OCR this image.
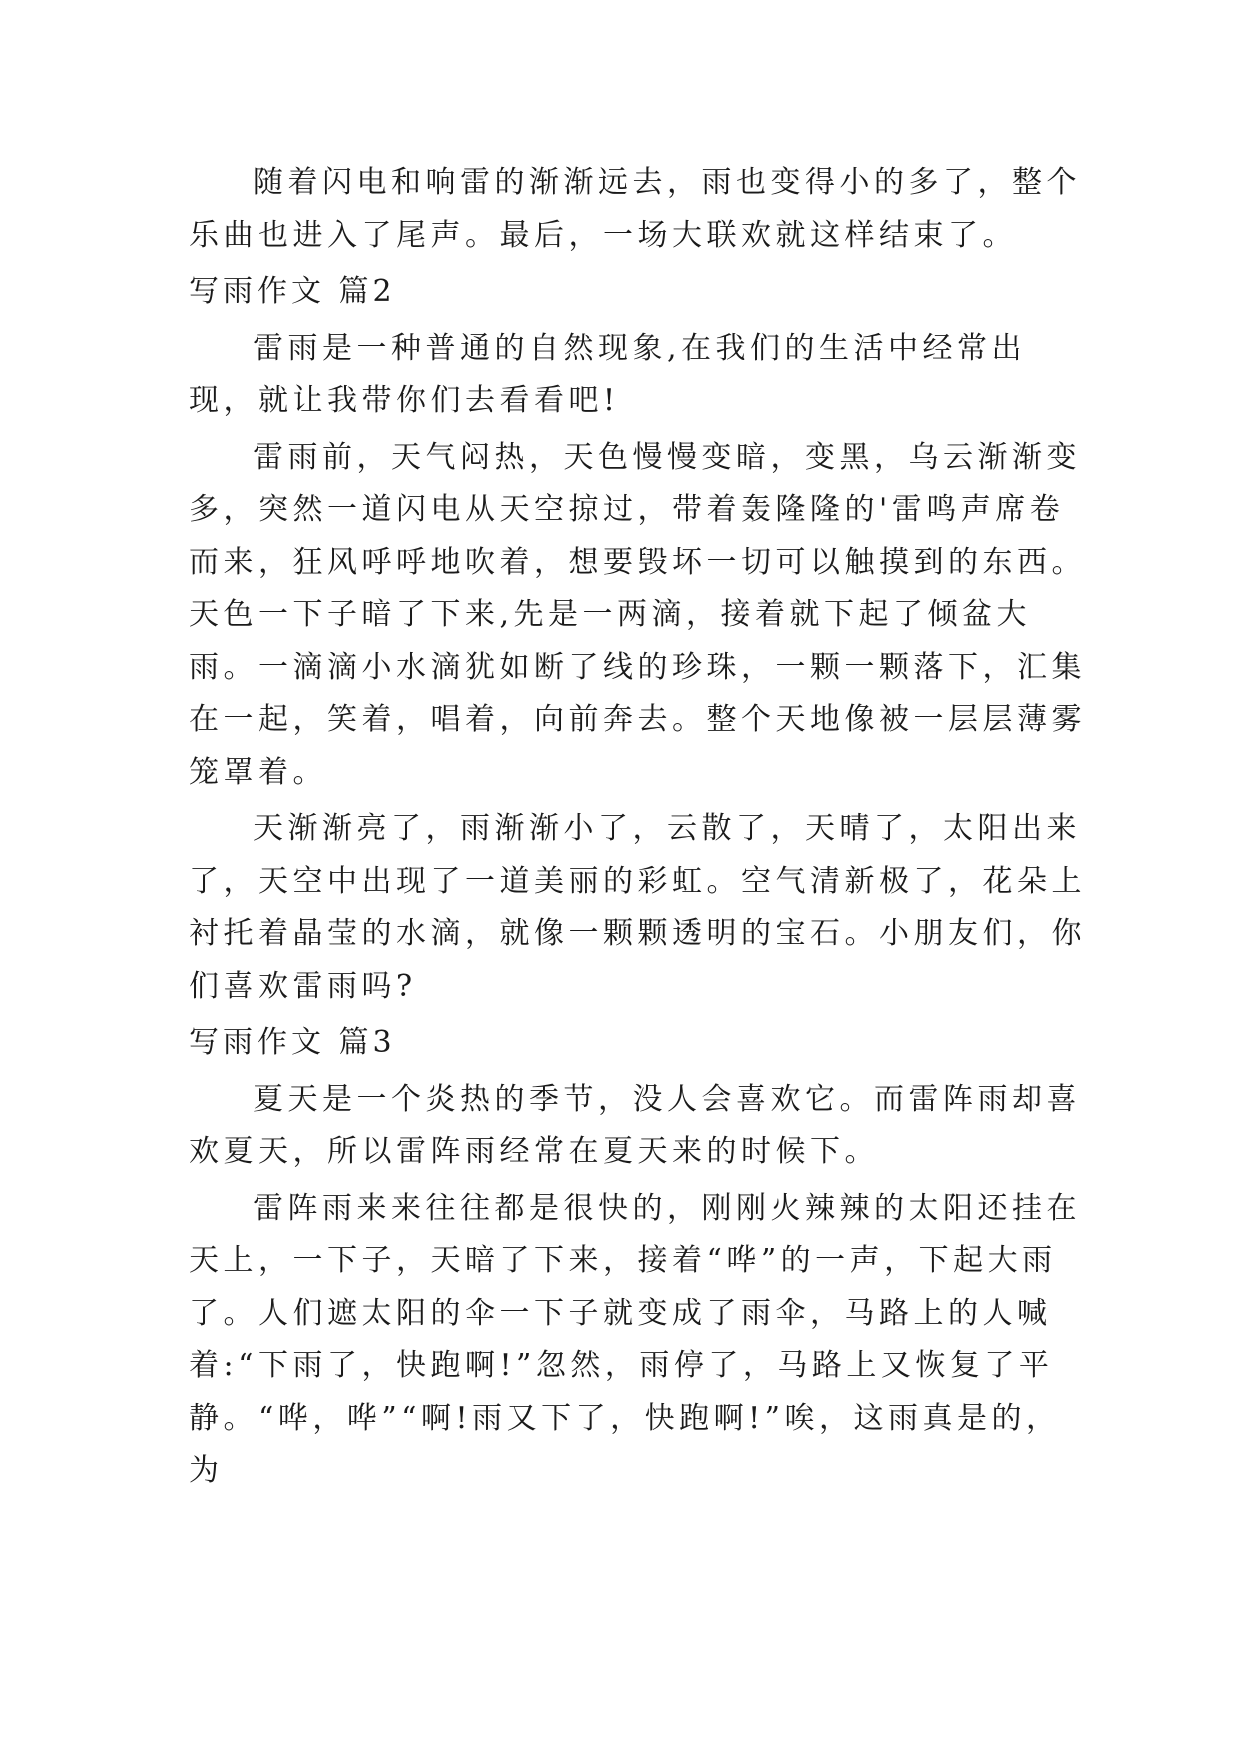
随着闪电和响雷的渐渐远去，雨也变得小的多了，整个乐曲也进入了尾声。最后，一场大联欢就这样结束了。

写雨作文 篇2

雷雨是一种普通的自然现象,在我们的生活中经常出现，就让我带你们去看看吧!

雷雨前，天气闷热，天色慢慢变暗，变黑，乌云渐渐变多，突然一道闪电从天空掠过，带着轰隆隆的'雷鸣声席卷而来，狂风呼呼地吹着，想要毁坏一切可以触摸到的东西。天色一下子暗了下来,先是一两滴，接着就下起了倾盆大雨。一滴滴小水滴犹如断了线的珍珠，一颗一颗落下，汇集在一起，笑着，唱着，向前奔去。整个天地像被一层层薄雾笼罩着。

天渐渐亮了，雨渐渐小了，云散了，天晴了，太阳出来了，天空中出现了一道美丽的彩虹。空气清新极了，花朵上衬托着晶莹的水滴，就像一颗颗透明的宝石。小朋友们，你们喜欢雷雨吗?

写雨作文 篇3

夏天是一个炎热的季节，没人会喜欢它。而雷阵雨却喜欢夏天，所以雷阵雨经常在夏天来的时候下。

雷阵雨来来往往都是很快的，刚刚火辣辣的太阳还挂在天上，一下子，天暗了下来，接着“哗”的一声，下起大雨了。人们遮太阳的伞一下子就变成了雨伞，马路上的人喊着:“下雨了，快跑啊!”忽然，雨停了，马路上又恢复了平静。“哗，哗”“啊!雨又下了，快跑啊!”唉，这雨真是的，为
